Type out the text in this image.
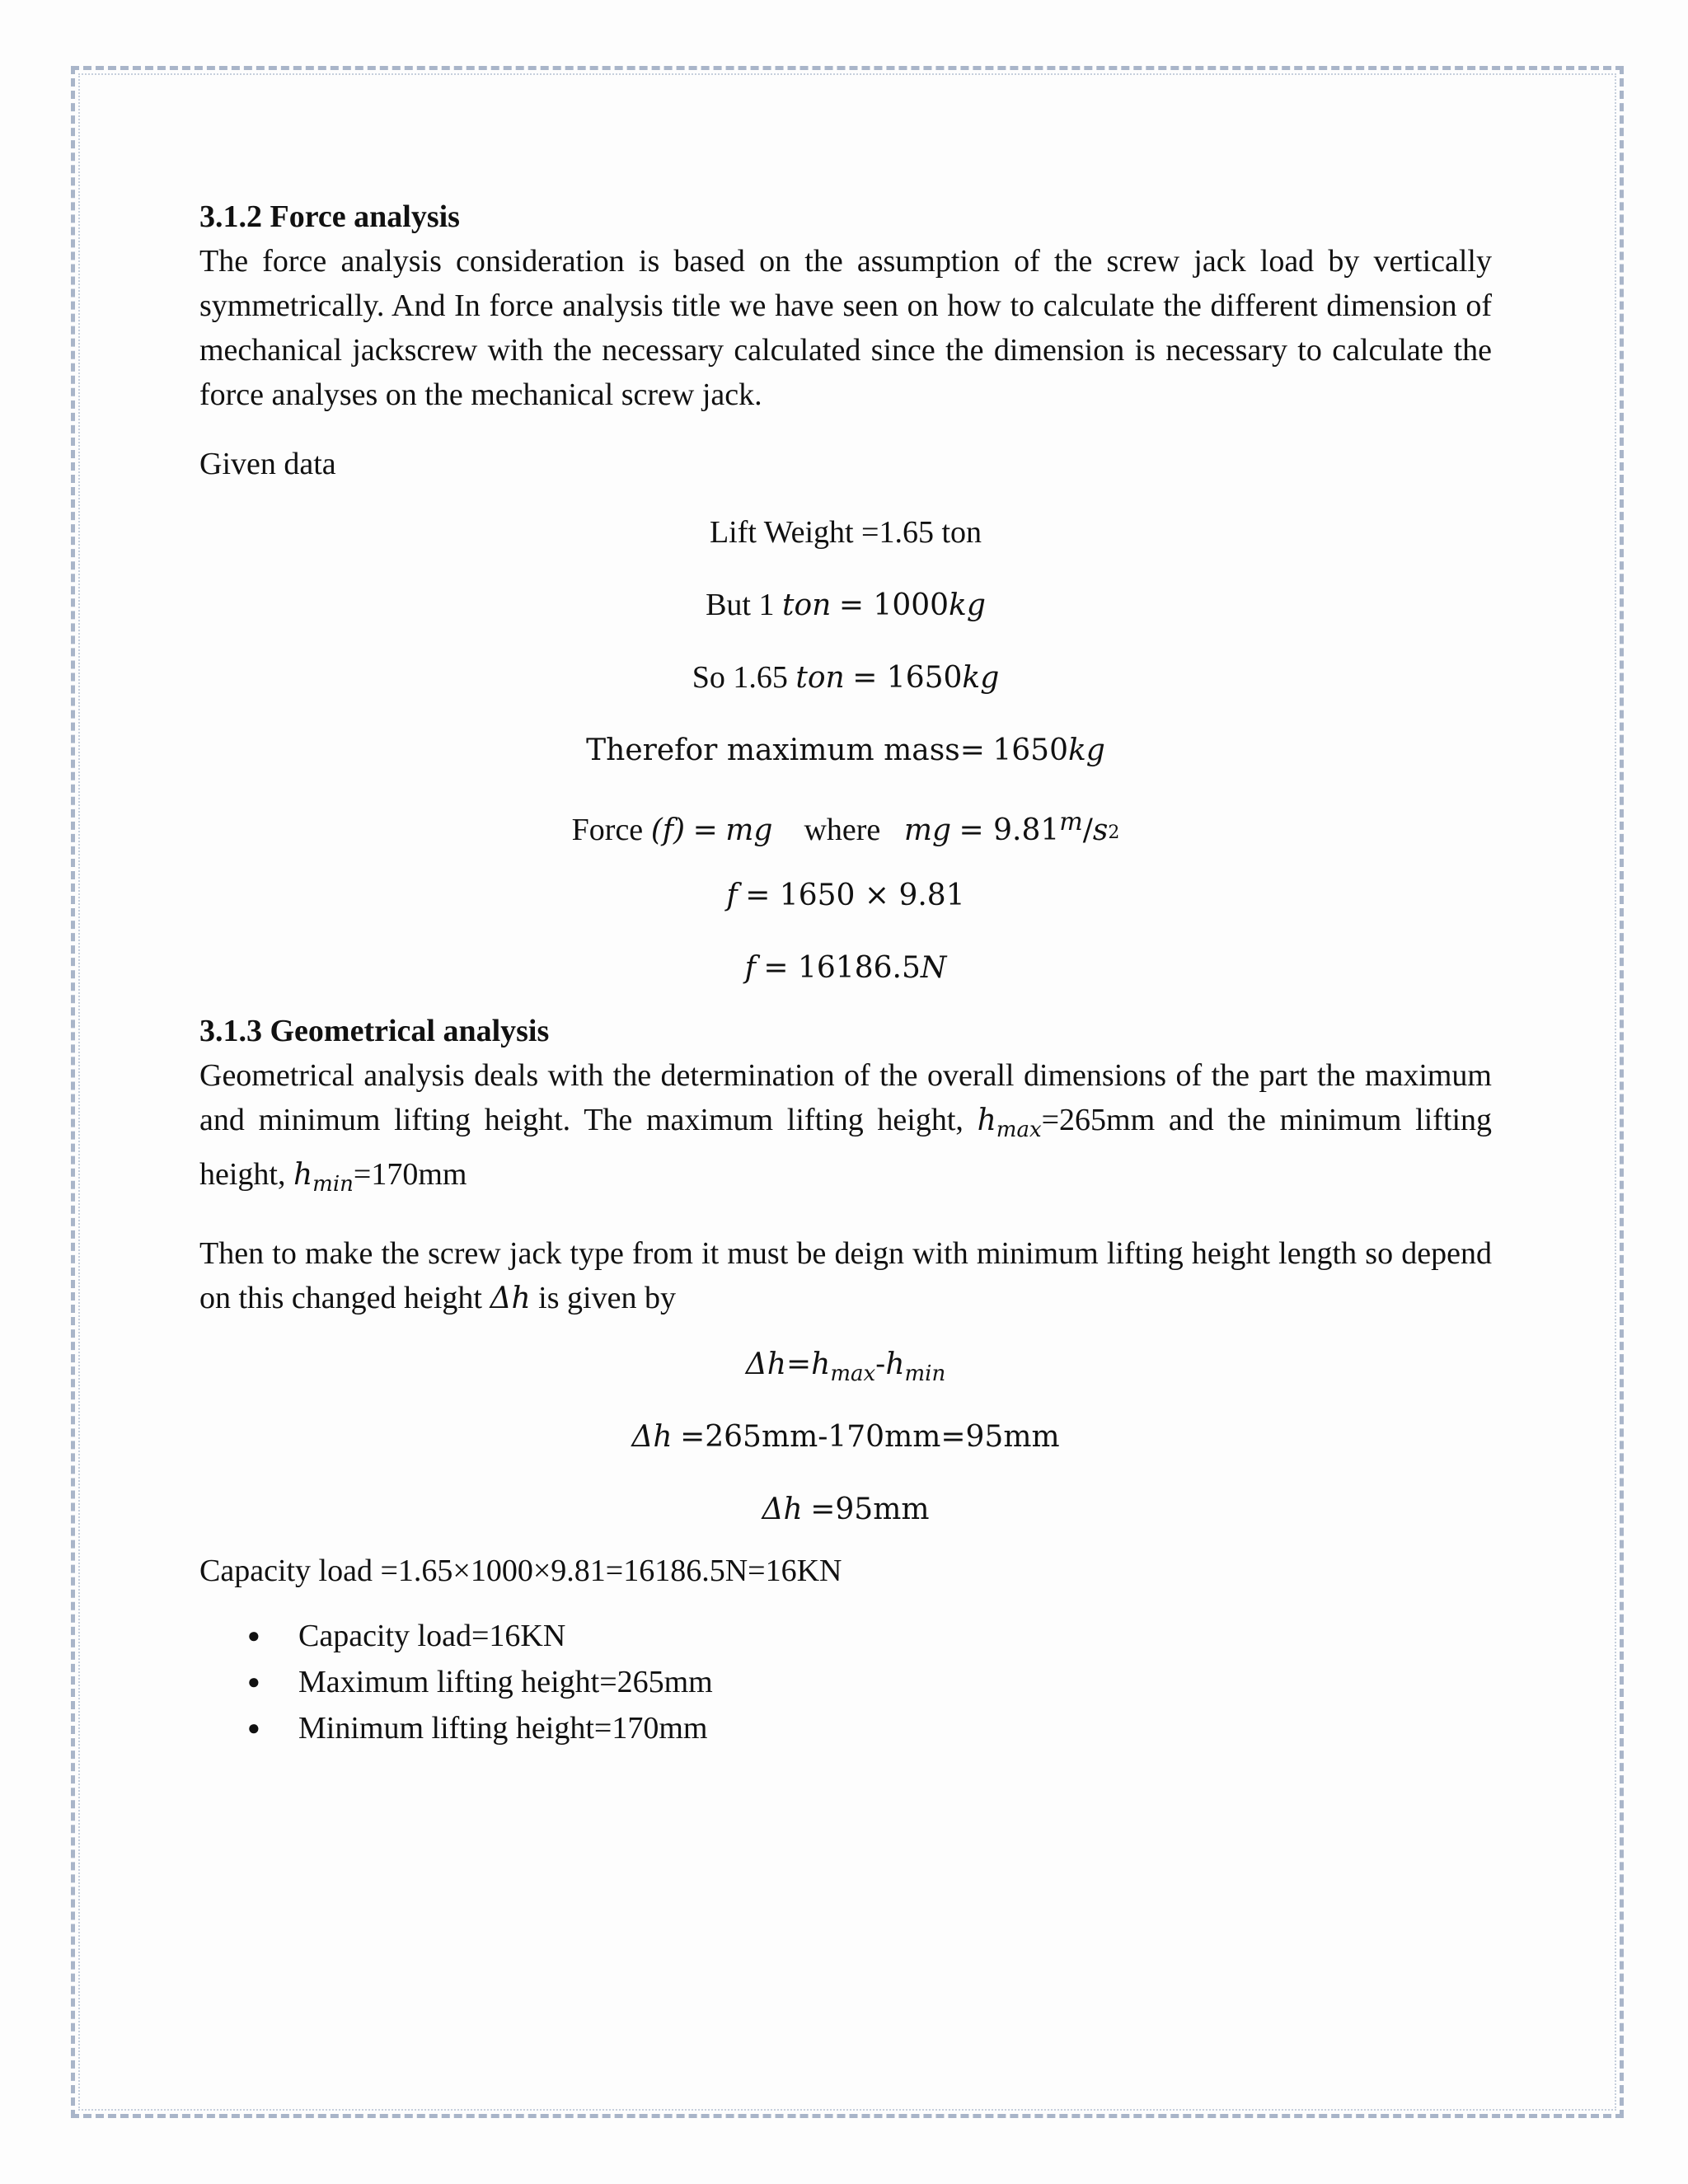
3.1.2 Force analysis

The force analysis consideration is based on the assumption of the screw jack load by vertically symmetrically. And In force analysis title we have seen on how to calculate the different dimension of mechanical jackscrew with the necessary calculated since the dimension is necessary to calculate the force analyses on the mechanical screw jack.

Given data

Lift Weight =1.65 ton

But 1 ton = 1000kg

So 1.65 ton = 1650kg

Therefor maximum mass= 1650kg

Force (f) = mg where mg = $9.81^m/s^2$

f = 1650 × 9.81

f = 16186.5N

3.1.3 Geometrical analysis

Geometrical analysis deals with the determination of the overall dimensions of the part the maximum and minimum lifting height. The maximum lifting height, $h_{max}=265mm$ and the minimum lifting height, $h_{min}=170mm$

Then to make the screw jack type from it must be deign with minimum lifting height length so depend on this changed height Δh is given by

$\Delta h=h_{max}-h_{min}$

Δh =265mm-170mm=95mm

Δh =95mm

Capacity load =1.65×1000×9.81=16186.5N=16KN

● Capacity load=16KN
● Maximum lifting height=265mm
● Minimum lifting height=170mm
